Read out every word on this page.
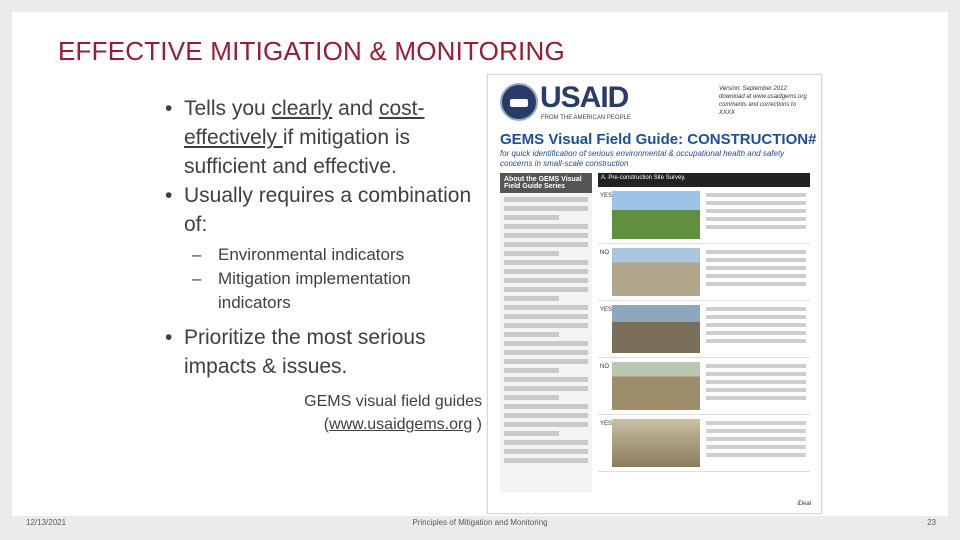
EFFECTIVE MITIGATION & MONITORING
• Tells you clearly and cost-effectively if mitigation is sufficient and effective.
• Usually requires a combination of:
– Environmental indicators
– Mitigation implementation indicators
• Prioritize the most serious impacts & issues.
GEMS visual field guides
(www.usaidgems.org )
USAID
FROM THE AMERICAN PEOPLE
Version: September 2012 download at www.usaidgems.org comments and corrections to XXXX
GEMS Visual Field Guide: CONSTRUCTION#
for quick identification of serious environmental & occupational health and safety concerns in small-scale construction
About the GEMS Visual Field Guide Series
A. Pre-construction Site Survey.
YES
NO
YES
NO
YES
iDeal
12/13/2021	Principles of Mitigation and Monitoring	23
